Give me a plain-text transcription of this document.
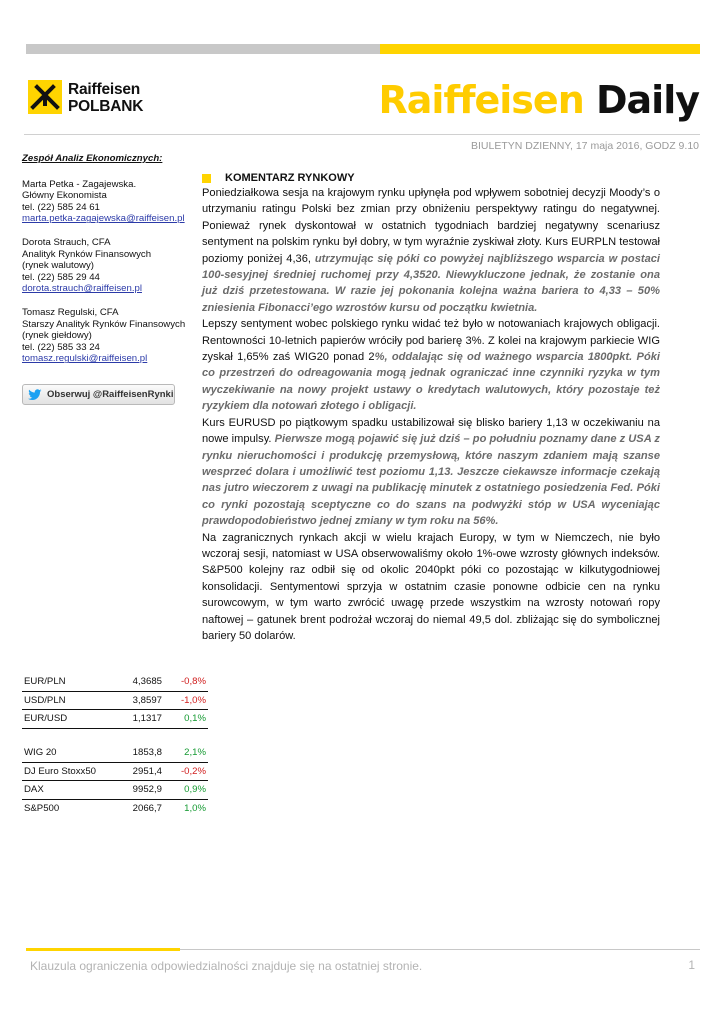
Raiffeisen
POLBANK	Raiffeisen Daily
BIULETYN DZIENNY, 17 maja 2016, GODZ 9.10
Zespół Analiz Ekonomicznych:
Marta Petka - Zagajewska.
Główny Ekonomista
tel. (22) 585 24 61
marta.petka-zagajewska@raiffeisen.pl
Dorota Strauch, CFA
Analityk Rynków Finansowych
(rynek walutowy)
tel. (22) 585 29 44
dorota.strauch@raiffeisen.pl
Tomasz Regulski, CFA
Starszy Analityk Rynków Finansowych
(rynek giełdowy)
tel. (22) 585 33 24
tomasz.regulski@raiffeisen.pl
Obserwuj @RaiffeisenRynki
KOMENTARZ RYNKOWY

Poniedziałkowa sesja na krajowym rynku upłynęła pod wpływem sobotniej decyzji Moody’s o utrzymaniu ratingu Polski bez zmian przy obniżeniu perspektywy ratingu do negatywnej. Ponieważ rynek dyskontował w ostatnich tygodniach bardziej negatywny scenariusz sentyment na polskim rynku był dobry, w tym wyraźnie zyskiwał złoty. Kurs EURPLN testował poziomy poniżej 4,36, utrzymując się póki co powyżej najbliższego wsparcia w postaci 100-sesyjnej średniej ruchomej przy 4,3520. Niewykluczone jednak, że zostanie ona już dziś przetestowana. W razie jej pokonania kolejna ważna bariera to 4,33 – 50% zniesienia Fibonacci’ego wzrostów kursu od początku kwietnia.

Lepszy sentyment wobec polskiego rynku widać też było w notowaniach krajowych obligacji. Rentowności 10-letnich papierów wróciły pod barierę 3%. Z kolei na krajowym parkiecie WIG zyskał 1,65% zaś WIG20 ponad 2%, oddalając się od ważnego wsparcia 1800pkt. Póki co przestrzeń do odreagowania mogą jednak ograniczać inne czynniki ryzyka w tym wyczekiwanie na nowy projekt ustawy o kredytach walutowych, który pozostaje też ryzykiem dla notowań złotego i obligacji.

Kurs EURUSD po piątkowym spadku ustabilizował się blisko bariery 1,13 w oczekiwaniu na nowe impulsy. Pierwsze mogą pojawić się już dziś – po południu poznamy dane z USA z rynku nieruchomości i produkcję przemysłową, które naszym zdaniem mają szanse wesprzeć dolara i umożliwić test poziomu 1,13. Jeszcze ciekawsze informacje czekają nas jutro wieczorem z uwagi na publikację minutek z ostatniego posiedzenia Fed. Póki co rynki pozostają sceptyczne co do szans na podwyżki stóp w USA wyceniając prawdopodobieństwo jednej zmiany w tym roku na 56%.

Na zagranicznych rynkach akcji w wielu krajach Europy, w tym w Niemczech, nie było wczoraj sesji, natomiast w USA obserwowaliśmy około 1%-owe wzrosty głównych indeksów. S&P500 kolejny raz odbił się od okolic 2040pkt póki co pozostając w kilkutygodniowej konsolidacji. Sentymentowi sprzyja w ostatnim czasie ponowne odbicie cen na rynku surowcowym, w tym warto zwrócić uwagę przede wszystkim na wzrosty notowań ropy naftowej – gatunek brent podrożał wczoraj do niemal 49,5 dol. zbliżając się do symbolicznej bariery 50 dolarów.

EUR/PLN	4,3685	-0,8%
USD/PLN	3,8597	-1,0%
EUR/USD	1,1317	0,1%
WIG 20	1853,8	2,1%
DJ Euro Stoxx50	2951,4	-0,2%
DAX	9952,9	0,9%
S&P500	2066,7	1,0%
Klauzula ograniczenia odpowiedzialności znajduje się na ostatniej stronie.	1
